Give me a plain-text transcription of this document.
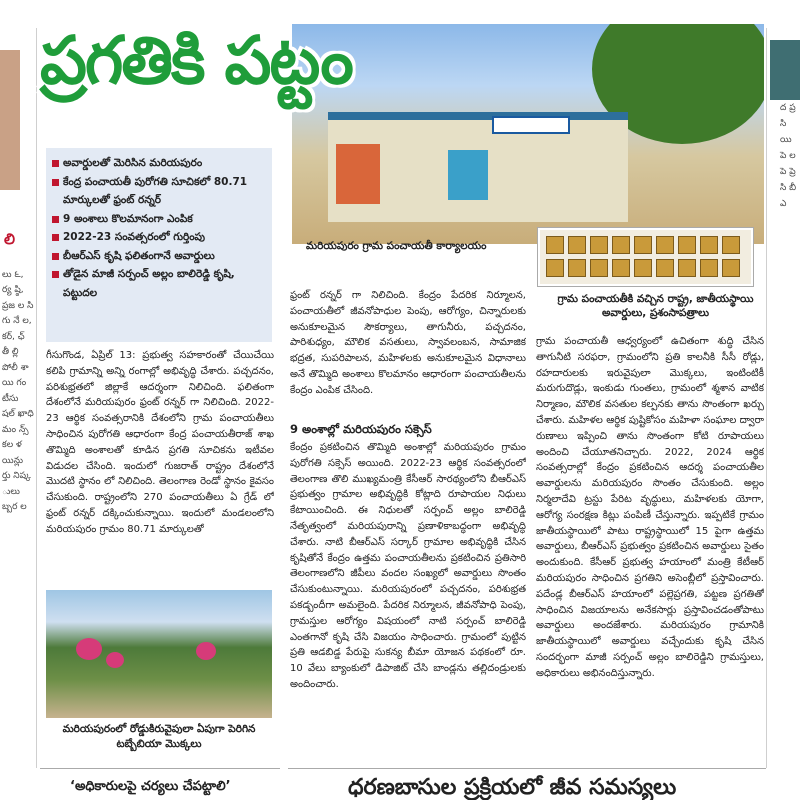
లి
లు ౬, ర్య ష్ఠి, ప్రజ ల సి గు నే ల, కర్, ఛ్ తీ ల్లి పోలీ శా యి గం టీసు షల్ ఖాధి మం న్స్ కల ళ యిన్లు ర్తు నిష్క ులు బ్బర ల
ద ప్ర సి యి పె ల పె ప్రె సి బీ ఎ
ప్రగతికి పట్టం
మరియపురం గ్రామ పంచాయతీ కార్యాలయం
గ్రామ పంచాయతీకి వచ్చిన రాష్ట్ర, జాతీయస్థాయి అవార్డులు, ప్రశంసాపత్రాలు
అవార్డులతో మెరిసిన మరియపురం
కేంద్ర పంచాయతీ పురోగతి సూచికలో 80.71 మార్కులతో ఫ్రంట్ రన్నర్
9 అంశాలు కొలమానంగా ఎంపిక
2022-23 సంవత్సరంలో గుర్తింపు
బీఆర్ఎస్ కృషి ఫలితంగానే అవార్డులు
తోడైన మాజీ సర్పంచ్ అల్లం బాలిరెడ్డి కృషి, పట్టుదల
గీసుగొండ, ఏప్రిల్ 13: ప్రభుత్వ సహకారంతో చేయిచేయి కలిపి గ్రామాన్ని అన్ని రంగాల్లో అభివృద్ధి చేశారు. పచ్చదనం, పరిశుభ్రతలో జిల్లాకే ఆదర్శంగా నిలిచింది. ఫలితంగా దేశంలోనే మరియపురం ఫ్రంట్ రన్నర్ గా నిలిచింది. 2022-23 ఆర్థిక సంవత్సరానికి దేశంలోని గ్రామ పంచాయతీలు సాధించిన పురోగతి ఆధారంగా కేంద్ర పంచాయతీరాజ్ శాఖ తొమ్మిది అంశాలతో కూడిన ప్రగతి సూచికను ఇటీవల విడుదల చేసింది. ఇందులో గుజరాత్ రాష్ట్రం దేశంలోనే మొదటి స్థానం లో నిలిచింది. తెలంగాణ రెండో స్థానం కైవసం చేసుకుంది. రాష్ట్రంలోని 270 పంచాయతీలు ఏ గ్రేడ్ లో ఫ్రంట్ రన్నర్ దక్కించుకున్నాయి. ఇందులో మండలంలోని మరియపురం గ్రామం 80.71 మార్కులతో
మరియపురంలో రోడ్డుకిరువైపులా ఏపుగా పెరిగిన టబ్బేబియా మొక్కలు
ఫ్రంట్ రన్నర్ గా నిలిచింది. కేంద్రం పేదరిక నిర్మూలన, పంచాయతీలో జీవనోపాధుల పెంపు, ఆరోగ్యం, చిన్నారులకు అనుకూలమైన సౌకర్యాలు, తాగునీరు, పచ్చదనం, పారిశుధ్యం, మౌలిక వసతులు, స్వావలంబన, సామాజిక భద్రత, సుపరిపాలన, మహిళలకు అనుకూలమైన విధానాలు అనే తొమ్మిది అంశాలు కొలమానం ఆధారంగా పంచాయతీలను కేంద్రం ఎంపిక చేసింది.
9 అంశాల్లో మరియపురం సక్సెస్
కేంద్రం ప్రకటించిన తొమ్మిది అంశాల్లో మరియపురం గ్రామం పురోగతి సక్సెస్ అయింది. 2022-23 ఆర్థిక సంవత్సరంలో తెలంగాణ తొలి ముఖ్యమంత్రి కేసీఆర్ సారథ్యంలోని బీఆర్ఎస్ ప్రభుత్వం గ్రామాల అభివృద్ధికి కోట్లాది రూపాయల నిధులు కేటాయించింది. ఈ నిధులతో సర్పంచ్ అల్లం బాలిరెడ్డి నేతృత్వంలో మరియపురాన్ని ప్రణాళికాబద్ధంగా అభివృద్ధి చేశారు. నాటి బీఆర్ఎస్ సర్కార్ గ్రామాల అభివృద్ధికి చేసిన కృషితోనే కేంద్రం ఉత్తమ పంచాయతీలను ప్రకటించిన ప్రతిసారి తెలంగాణలోని జీపీలు వందల సంఖ్యలో అవార్డులు సొంతం చేసుకుంటున్నాయి. మరియపురంలో పచ్చదనం, పరిశుభ్రత పకడ్బందీగా అమలైంది. పేదరిక నిర్మూలన, జీవనోపాధి పెంపు, గ్రామస్తుల ఆరోగ్యం విషయంలో నాటి సర్పంచ్ బాలిరెడ్డి ఎంతగానో కృషి చేసి విజయం సాధించారు. గ్రామంలో పుట్టిన ప్రతి ఆడబిడ్డ పేరుపై సుకన్య బీమా యోజన పథకంలో రూ. 10 వేలు బ్యాంకులో డిపాజిట్ చేసి బాండ్లను తల్లిదండ్రులకు అందించారు.
గ్రామ పంచాయతీ ఆధ్వర్యంలో ఉచితంగా శుద్ధి చేసిన తాగునీటి సరఫరా, గ్రామంలోని ప్రతి కాలనీకి సీసీ రోడ్లు, రహదారులకు ఇరువైపులా మొక్కలు, ఇంటింటికీ మరుగుదొడ్లు, ఇంకుడు గుంతలు, గ్రామంలో శ్మశాన వాటిక నిర్మాణం, మౌలిక వసతుల కల్పనకు తాను సొంతంగా ఖర్చు చేశారు. మహిళల ఆర్థిక పుష్టికోసం మహిళా సంఘాల ద్వారా రుణాలు ఇప్పించి తాను సొంతంగా కోటి రూపాయలు అందించి చేయూతనిచ్చారు. 2022, 2024 ఆర్థిక సంవత్సరాల్లో కేంద్రం ప్రకటించిన ఆదర్శ పంచాయతీల అవార్డులను మరియపురం సొంతం చేసుకుంది. అల్లం నిర్మలాదేవి ట్రస్టు పేరిట వృద్ధులు, మహిళలకు యోగా, ఆరోగ్య సంరక్షణ కిట్లు పంపిణీ చేస్తున్నారు. ఇప్పటికే గ్రామం జాతీయస్థాయిలో పాటు రాష్ట్రస్థాయిలో 15 పైగా ఉత్తమ అవార్డులు, బీఆర్ఎస్ ప్రభుత్వం ప్రకటించిన అవార్డులు సైతం అందుకుంది. కేసీఆర్ ప్రభుత్వ హయాంలో మంత్రి కేటీఆర్ మరియపురం సాధించిన ప్రగతిని అసెంబ్లీలో ప్రస్తావించారు. పదేండ్ల బీఆర్ఎస్ హయాంలో పల్లెప్రగతి, పట్టణ ప్రగతితో సాధించిన విజయాలను అనేకసార్లు ప్రస్తావించడంతోపాటు అవార్డులు అందజేశారు. మరియపురం గ్రామానికి జాతీయస్థాయిలో అవార్డులు వచ్చేందుకు కృషి చేసిన సందర్భంగా మాజీ సర్పంచ్ అల్లం బాలిరెడ్డిని గ్రామస్తులు, అధికారులు అభినందిస్తున్నారు.
‘అధికారులపై చర్యలు చేపట్టాలి’	ధరణబాసుల ప్రక్రియలో జీవ సమస్యలు
